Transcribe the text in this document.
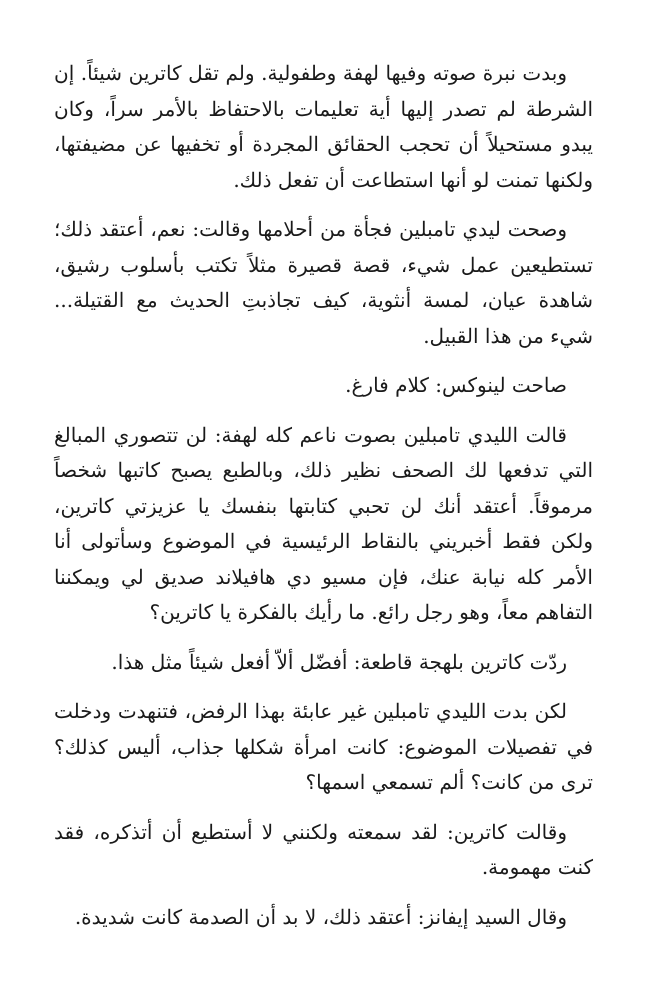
وبدت نبرة صوته وفيها لهفة وطفولية. ولم تقل كاترين شيئاً. إن الشرطة لم تصدر إليها أية تعليمات بالاحتفاظ بالأمر سراً، وكان يبدو مستحيلاً أن تحجب الحقائق المجردة أو تخفيها عن مضيفتها، ولكنها تمنت لو أنها استطاعت أن تفعل ذلك.

وصحت ليدي تامبلين فجأة من أحلامها وقالت: نعم، أعتقد ذلك؛ تستطيعين عمل شيء، قصة قصيرة مثلاً تكتب بأسلوب رشيق، شاهدة عيان، لمسة أنثوية، كيف تجاذبتِ الحديث مع القتيلة... شيء من هذا القبيل.

صاحت لينوكس: كلام فارغ.

قالت الليدي تامبلين بصوت ناعم كله لهفة: لن تتصوري المبالغ التي تدفعها لك الصحف نظير ذلك، وبالطبع يصبح كاتبها شخصاً مرموقاً. أعتقد أنك لن تحبي كتابتها بنفسك يا عزيزتي كاترين، ولكن فقط أخبريني بالنقاط الرئيسية في الموضوع وسأتولى أنا الأمر كله نيابة عنك، فإن مسيو دي هافيلاند صديق لي ويمكننا التفاهم معاً، وهو رجل رائع. ما رأيك بالفكرة يا كاترين؟

ردّت كاترين بلهجة قاطعة: أفضّل ألاّ أفعل شيئاً مثل هذا.

لكن بدت الليدي تامبلين غير عابئة بهذا الرفض، فتنهدت ودخلت في تفصيلات الموضوع: كانت امرأة شكلها جذاب، أليس كذلك؟ ترى من كانت؟ ألم تسمعي اسمها؟

وقالت كاترين: لقد سمعته ولكنني لا أستطيع أن أتذكره، فقد كنت مهمومة.

وقال السيد إيفانز: أعتقد ذلك، لا بد أن الصدمة كانت شديدة.
